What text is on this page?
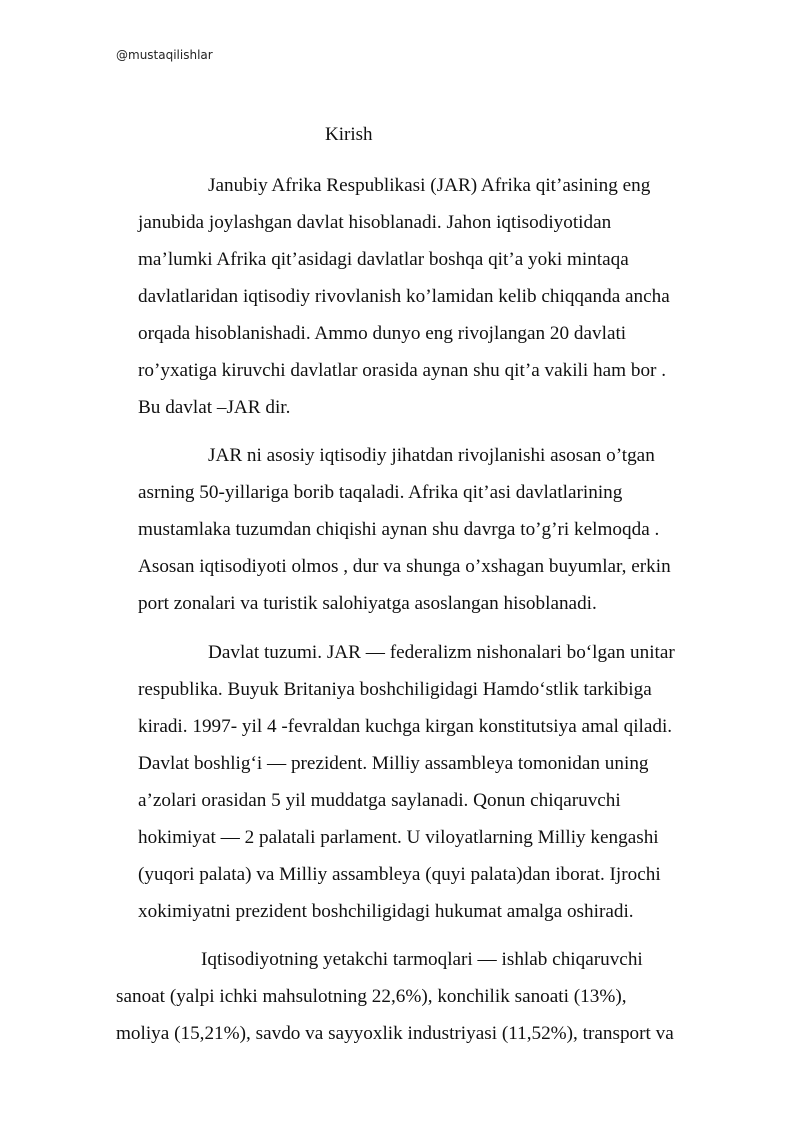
@mustaqilishlar
Kirish
Janubiy Afrika Respublikasi (JAR) Afrika qit’asining eng
janubida joylashgan davlat hisoblanadi. Jahon iqtisodiyotidan
ma’lumki Afrika qit’asidagi davlatlar boshqa qit’a yoki mintaqa
davlatlaridan iqtisodiy rivovlanish ko’lamidan kelib chiqqanda ancha
orqada hisoblanishadi. Ammo dunyo eng rivojlangan 20 davlati
ro’yxatiga kiruvchi davlatlar orasida aynan shu qit’a vakili ham bor .
Bu davlat –JAR dir.
JAR ni asosiy iqtisodiy jihatdan rivojlanishi asosan o’tgan
asrning 50-yillariga borib taqaladi. Afrika qit’asi davlatlarining
mustamlaka tuzumdan chiqishi aynan shu davrga to’g’ri kelmoqda .
Asosan iqtisodiyoti olmos , dur va shunga o’xshagan buyumlar, erkin
port zonalari va turistik salohiyatga asoslangan hisoblanadi.
Davlat tuzumi. JAR — federalizm nishonalari bo‘lgan unitar
respublika. Buyuk Britaniya boshchiligidagi Hamdo‘stlik tarkibiga
kiradi. 1997- yil 4 -fevraldan kuchga kirgan konstitutsiya amal qiladi.
Davlat boshlig‘i — prezident. Milliy assambleya tomonidan uning
a’zolari orasidan 5 yil muddatga saylanadi. Qonun chiqaruvchi
hokimiyat — 2 palatali parlament. U viloyatlarning Milliy kengashi
(yuqori palata) va Milliy assambleya (quyi palata)dan iborat. Ijrochi
xokimiyatni prezident boshchiligidagi hukumat amalga oshiradi.
Iqtisodiyotning yetakchi tarmoqlari — ishlab chiqaruvchi
sanoat (yalpi ichki mahsulotning 22,6%), konchilik sanoati (13%),
moliya (15,21%), savdo va sayyoxlik industriyasi (11,52%), transport va
